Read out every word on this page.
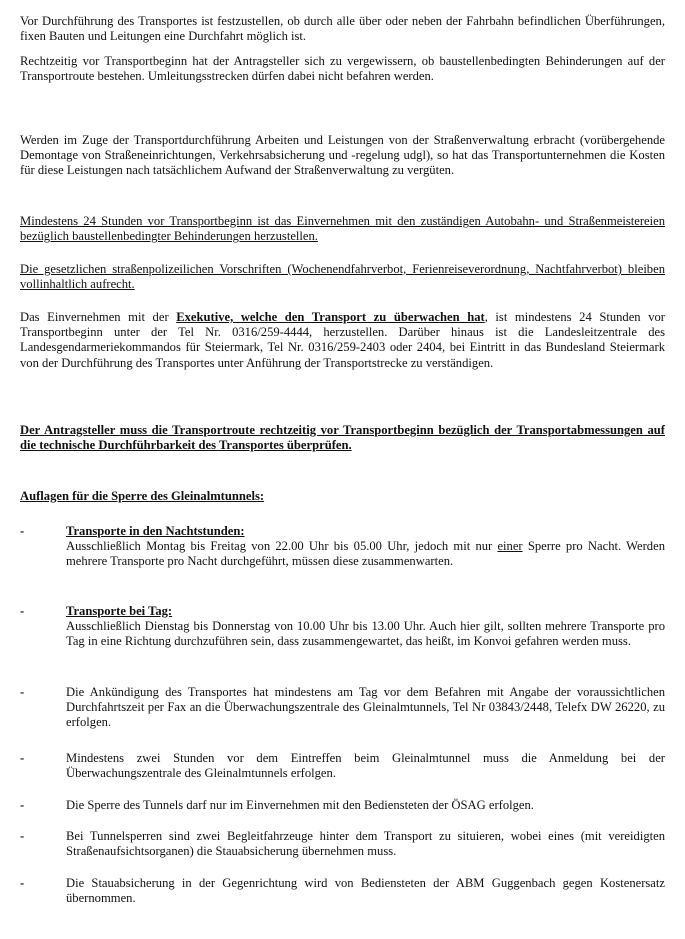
Vor Durchführung des Transportes ist festzustellen, ob durch alle über oder neben der Fahrbahn befindlichen Überführungen, fixen Bauten und Leitungen eine Durchfahrt möglich ist.

Rechtzeitig vor Transportbeginn hat der Antragsteller sich zu vergewissern, ob baustellenbedingten Behinderungen auf der Transportroute bestehen. Umleitungsstrecken dürfen dabei nicht befahren werden.

Werden im Zuge der Transportdurchführung Arbeiten und Leistungen von der Straßenverwaltung erbracht (vorübergehende Demontage von Straßeneinrichtungen, Verkehrsabsicherung und -regelung udgl), so hat das Transportunternehmen die Kosten für diese Leistungen nach tatsächlichem Aufwand der Straßenverwaltung zu vergüten.

Mindestens 24 Stunden vor Transportbeginn ist das Einvernehmen mit den zuständigen Autobahn- und Straßenmeistereien bezüglich baustellenbedingter Behinderungen herzustellen.

Die gesetzlichen straßenpolizeilichen Vorschriften (Wochenendfahrverbot, Ferienreiseverordnung, Nachtfahrverbot) bleiben vollinhaltlich aufrecht.

Das Einvernehmen mit der Exekutive, welche den Transport zu überwachen hat, ist mindestens 24 Stunden vor Transportbeginn unter der Tel Nr. 0316/259-4444, herzustellen. Darüber hinaus ist die Landesleitzentrale des Landesgendarmeriekommandos für Steiermark, Tel Nr. 0316/259-2403 oder 2404, bei Eintritt in das Bundesland Steiermark von der Durchführung des Transportes unter Anführung der Transportstrecke zu verständigen.

Der Antragsteller muss die Transportroute rechtzeitig vor Transportbeginn bezüglich der Transportabmessungen auf die technische Durchführbarkeit des Transportes überprüfen.

Auflagen für die Sperre des Gleinalmtunnels:
-	Transporte in den Nachtstunden:
Ausschließlich Montag bis Freitag von 22.00 Uhr bis 05.00 Uhr, jedoch mit nur einer Sperre pro Nacht. Werden mehrere Transporte pro Nacht durchgeführt, müssen diese zusammenwarten.
-	Transporte bei Tag:
Ausschließlich Dienstag bis Donnerstag von 10.00 Uhr bis 13.00 Uhr. Auch hier gilt, sollten mehrere Transporte pro Tag in eine Richtung durchzuführen sein, dass zusammengewartet, das heißt, im Konvoi gefahren werden muss.
-	Die Ankündigung des Transportes hat mindestens am Tag vor dem Befahren mit Angabe der voraussichtlichen Durchfahrtszeit per Fax an die Überwachungszentrale des Gleinalmtunnels, Tel Nr 03843/2448, Telefx DW 26220, zu erfolgen.
-	Mindestens zwei Stunden vor dem Eintreffen beim Gleinalmtunnel muss die Anmeldung bei der Überwachungszentrale des Gleinalmtunnels erfolgen.
-	Die Sperre des Tunnels darf nur im Einvernehmen mit den Bediensteten der ÖSAG erfolgen.
-	Bei Tunnelsperren sind zwei Begleitfahrzeuge hinter dem Transport zu situieren, wobei eines (mit vereidigten Straßenaufsichtsorganen) die Stauabsicherung übernehmen muss.
-	Die Stauabsicherung in der Gegenrichtung wird von Bediensteten der ABM Guggenbach gegen Kostenersatz übernommen.
